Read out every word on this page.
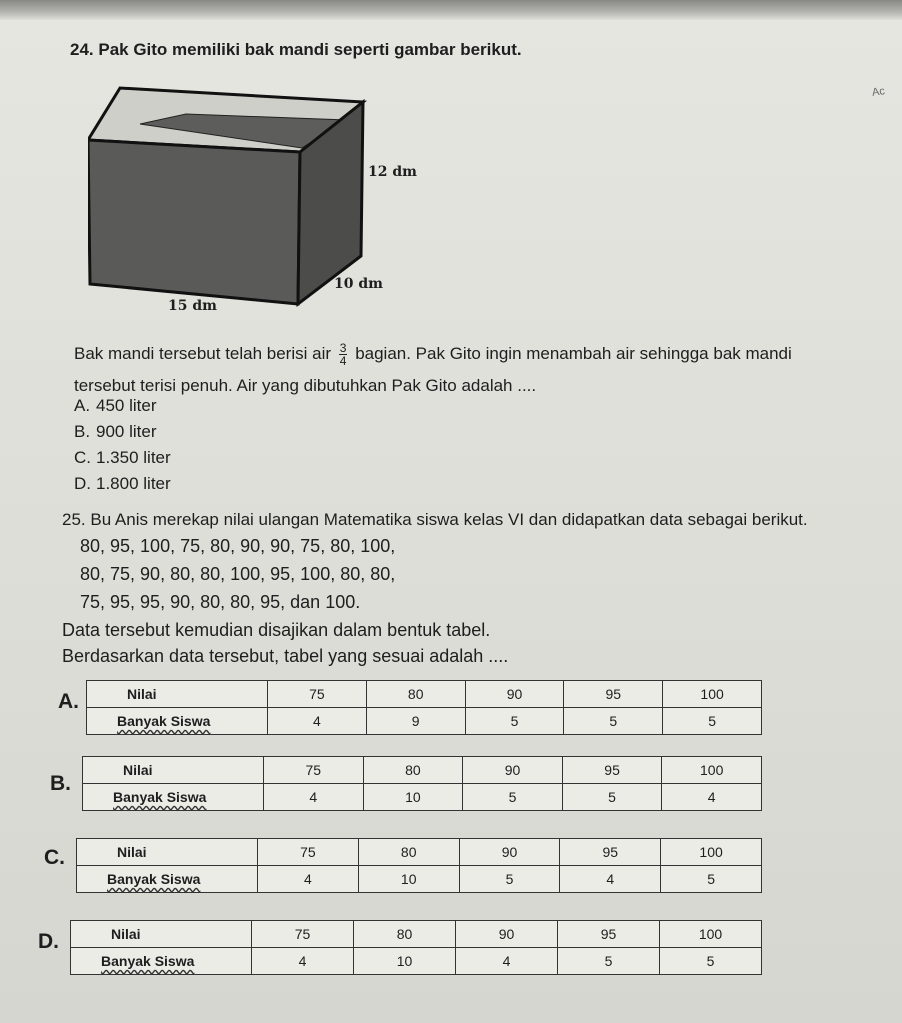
Ac
24. Pak Gito memiliki bak mandi seperti gambar berikut.
12 dm
10 dm
15 dm
Bak mandi tersebut telah berisi air $\frac{3}{4}$ bagian. Pak Gito ingin menambah air sehingga bak mandi
tersebut terisi penuh. Air yang dibutuhkan Pak Gito adalah ....
A. 450 liter
B. 900 liter
C. 1.350 liter
D. 1.800 liter
25. Bu Anis merekap nilai ulangan Matematika siswa kelas VI dan didapatkan data sebagai berikut.
80, 95, 100, 75, 80, 90, 90, 75, 80, 100,
80, 75, 90, 80, 80, 100, 95, 100, 80, 80,
75, 95, 95, 90, 80, 80, 95, dan 100.
Data tersebut kemudian disajikan dalam bentuk tabel.
Berdasarkan data tersebut, tabel yang sesuai adalah ....
A.	Nilai	75	80	90	95	100
Banyak Siswa	4	9	5	5	5
B.
Nilai	75	80	90	95	100
Banyak Siswa	4	10	5	5	4
C.	Nilai	75	80	90	95	100
Banyak Siswa	4	10	5	4	5
D.	Nilai	75	80	90	95	100
Banyak Siswa	4	10	4	5	5
